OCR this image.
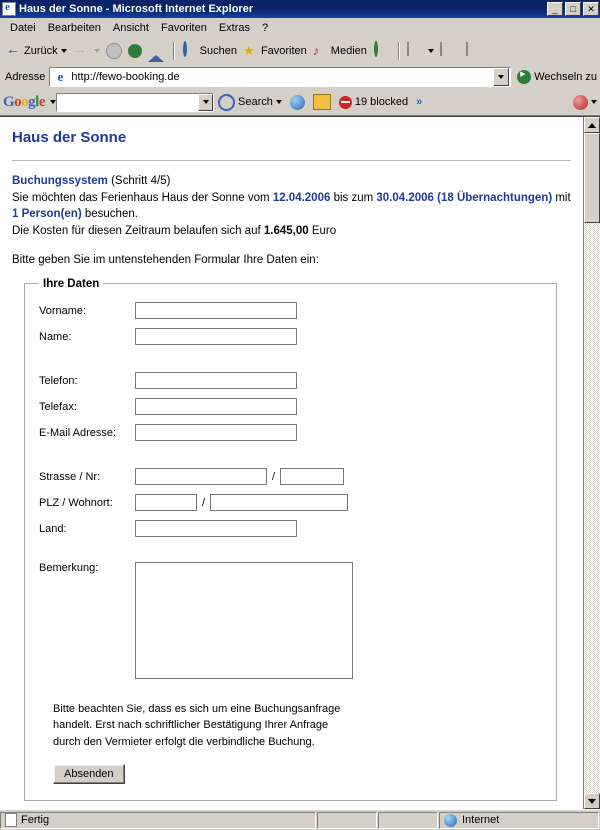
e
Haus der Sonne - Microsoft Internet Explorer	_	□	✕
Datei	Bearbeiten	Ansicht	Favoriten	Extras	?
←
Zurück →	Suchen ★ Favoriten ♪	Medien
Adresse e http://fewo-booking.de ▶	Wechseln zu
Google	Search	19 blocked »
Haus der Sonne
Buchungssystem (Schritt 4/5)
Sie möchten das Ferienhaus Haus der Sonne vom 12.04.2006 bis zum 30.04.2006 (18 Übernachtungen) mit 1 Person(en) besuchen.
Die Kosten für diesen Zeitraum belaufen sich auf 1.645,00 Euro
Bitte geben Sie im untenstehenden Formular Ihre Daten ein:
Ihre Daten
Vorname:
Name:
Telefon:
Telefax:
E-Mail Adresse:
Strasse / Nr:	/
PLZ / Wohnort:	/
Land:
Bemerkung:
Bitte beachten Sie, dass es sich um eine Buchungsanfrage handelt. Erst nach schriftlicher Bestätigung Ihrer Anfrage durch den Vermieter erfolgt die verbindliche Buchung.
Absenden
Fertig	Internet
